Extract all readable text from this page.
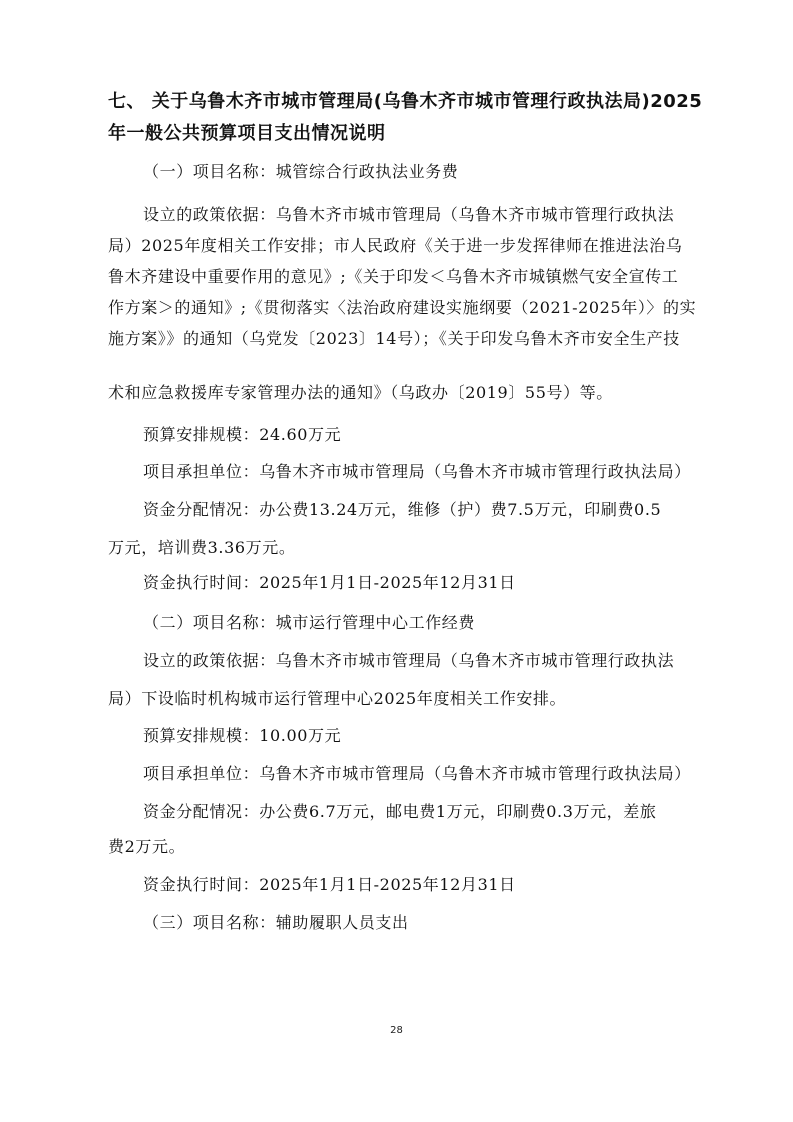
七、 关于乌鲁木齐市城市管理局(乌鲁木齐市城市管理行政执法局)2025
年一般公共预算项目支出情况说明
（一）项目名称：城管综合行政执法业务费
设立的政策依据：乌鲁木齐市城市管理局（乌鲁木齐市城市管理行政执法
局）2025年度相关工作安排；市人民政府《关于进一步发挥律师在推进法治乌
鲁木齐建设中重要作用的意见》;《关于印发＜乌鲁木齐市城镇燃气安全宣传工
作方案＞的通知》;《贯彻落实〈法治政府建设实施纲要（2021-2025年）〉的实
施方案》》的通知（乌党发〔2023〕14号）；《关于印发乌鲁木齐市安全生产技
术和应急救援库专家管理办法的通知》（乌政办〔2019〕55号）等。
预算安排规模：24.60万元
项目承担单位：乌鲁木齐市城市管理局（乌鲁木齐市城市管理行政执法局）
资金分配情况：办公费13.24万元，维修（护）费7.5万元，印刷费0.5
万元，培训费3.36万元。
资金执行时间：2025年1月1日-2025年12月31日
（二）项目名称：城市运行管理中心工作经费
设立的政策依据：乌鲁木齐市城市管理局（乌鲁木齐市城市管理行政执法
局）下设临时机构城市运行管理中心2025年度相关工作安排。
预算安排规模：10.00万元
项目承担单位：乌鲁木齐市城市管理局（乌鲁木齐市城市管理行政执法局）
资金分配情况：办公费6.7万元，邮电费1万元，印刷费0.3万元，差旅
费2万元。
资金执行时间：2025年1月1日-2025年12月31日
（三）项目名称：辅助履职人员支出
28
